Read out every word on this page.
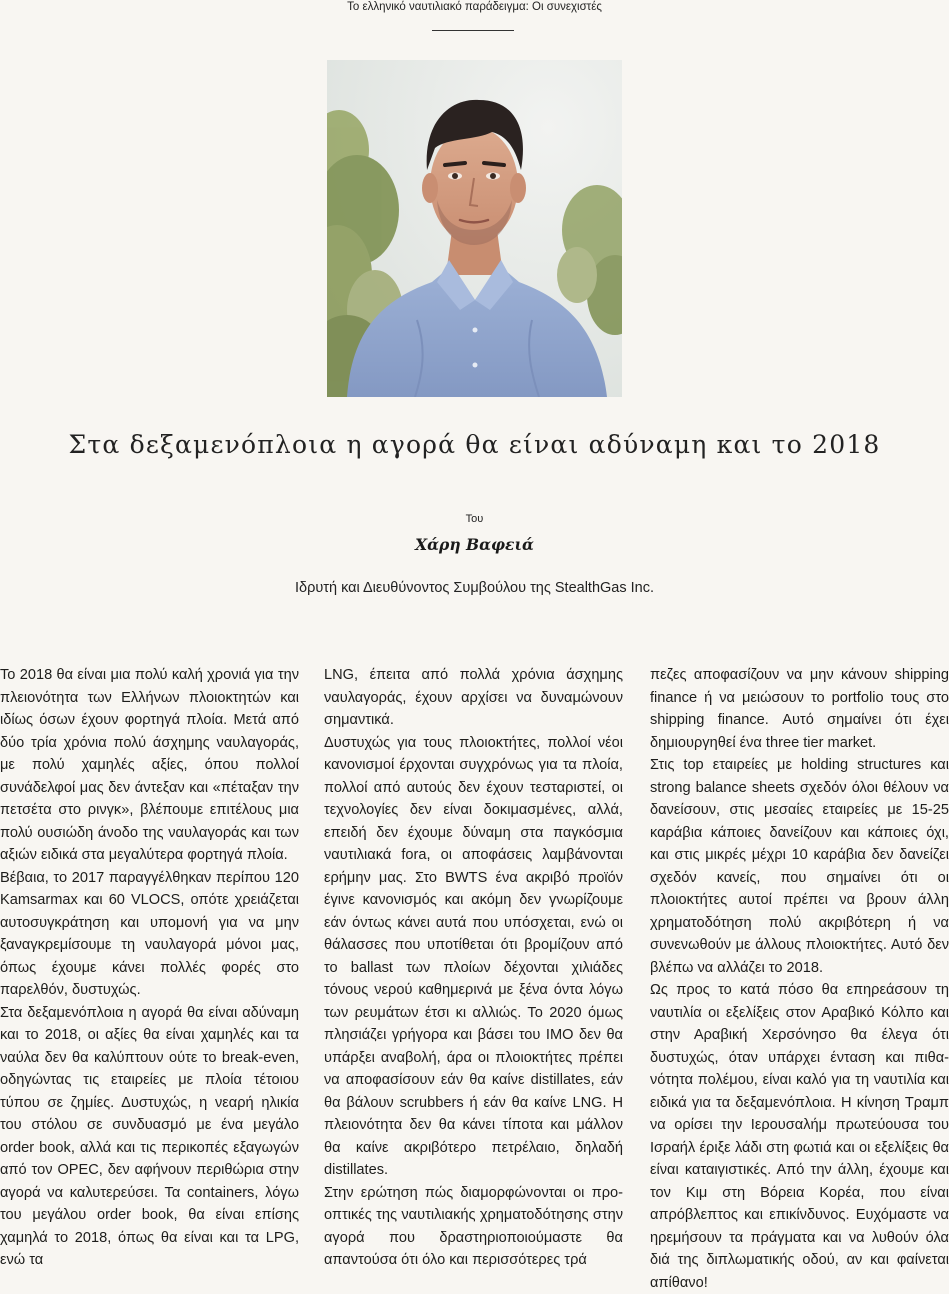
Το ελληνικό ναυτιλιακό παράδειγμα: Οι συνεχιστές
Στα δεξαμενόπλοια η αγορά θα είναι αδύναμη και το 2018
Του
Χάρη Βαφειά
Ιδρυτή και Διευθύνοντος Συμβούλου της StealthGas Inc.

Το 2018 θα είναι μια πολύ καλή χρονιά για την πλειονότητα των Ελλήνων πλοιοκτητών και ιδίως όσων έχουν φορτηγά πλοία. Μετά από δύο τρία χρόνια πολύ άσχημης ναυλαγοράς, με πολύ χαμηλές αξίες, όπου πολλοί συνάδελφοί μας δεν άντεξαν και «πέταξαν την πετσέτα στο ρινγκ», βλέπουμε επιτέλους μια πολύ ουσιώδη άνοδο της ναυλαγοράς και των αξιών ειδικά στα μεγαλύτερα φορτηγά πλοία.

Βέβαια, το 2017 παραγγέλθηκαν περίπου 120 Kamsarmax και 60 VLOCS, οπότε χρειάζεται αυτοσυγκράτηση και υπομονή για να μην ξαναγκρεμίσουμε τη ναυλαγορά μόνοι μας, όπως έχουμε κάνει πολλές φορές στο παρελθόν, δυστυχώς.

Στα δεξαμενόπλοια η αγορά θα είναι αδύναμη και το 2018, οι αξίες θα είναι χαμηλές και τα ναύλα δεν θα καλύπτουν ούτε το break-even, οδηγώντας τις εταιρείες με πλοία τέτοιου τύπου σε ζημίες. Δυστυχώς, η νεαρή ηλικία του στόλου σε συνδυασμό με ένα μεγάλο order book, αλλά και τις περικοπές εξαγωγών από τον OPEC, δεν αφήνουν περιθώρια στην αγορά να καλυτερεύσει. Τα containers, λόγω του μεγάλου order book, θα είναι επίσης χαμηλά το 2018, όπως θα είναι και τα LPG, ενώ τα

LNG, έπειτα από πολλά χρόνια άσχημης ναυλαγοράς, έχουν αρχίσει να δυναμώνουν σημαντικά.

Δυστυχώς για τους πλοιοκτήτες, πολλοί νέοι κανονισμοί έρχονται συγχρόνως για τα πλοία, πολλοί από αυτούς δεν έχουν τεσταριστεί, οι τεχνολογίες δεν είναι δοκιμασμένες, αλλά, επειδή δεν έχουμε δύναμη στα παγκόσμια ναυτιλιακά fora, οι αποφάσεις λαμβάνονται ερήμην μας. Στο BWTS ένα ακριβό προϊόν έγινε κανονισμός και ακόμη δεν γνωρίζουμε εάν όντως κάνει αυτά που υπόσχεται, ενώ οι θάλασσες που υποτίθεται ότι βρομίζουν από το ballast των πλοίων δέχονται χιλιάδες τόνους νερού καθημερινά με ξένα όντα λόγω των ρευμάτων έτσι κι αλλιώς. Το 2020 όμως πλησιάζει γρήγορα και βάσει του IMO δεν θα υπάρξει αναβολή, άρα οι πλοιοκτήτες πρέπει να αποφασίσουν εάν θα καίνε distillates, εάν θα βάλουν scrubbers ή εάν θα καίνε LNG. Η πλειονότητα δεν θα κάνει τίποτα και μάλλον θα καίνε ακριβότερο πετρέλαιο, δηλαδή distillates.

Στην ερώτηση πώς διαμορφώνονται οι προοπτικές της ναυτιλιακής χρηματοδότησης στην αγορά που δραστηριοποιούμαστε θα απαντούσα ότι όλο και περισσότερες τρά

πεζες αποφασίζουν να μην κάνουν shipping finance ή να μειώσουν το portfolio τους στο shipping finance. Αυτό σημαίνει ότι έχει δημιουργηθεί ένα three tier market.

Στις top εταιρείες με holding structures και strong balance sheets σχεδόν όλοι θέλουν να δανείσουν, στις μεσαίες εταιρείες με 15-25 καράβια κάποιες δανείζουν και κάποιες όχι, και στις μικρές μέχρι 10 καράβια δεν δανείζει σχεδόν κανείς, που σημαίνει ότι οι πλοιοκτήτες αυτοί πρέπει να βρουν άλλη χρηματοδότηση πολύ ακριβότερη ή να συνενωθούν με άλλους πλοιοκτήτες. Αυτό δεν βλέπω να αλλάζει το 2018.

Ως προς το κατά πόσο θα επηρεάσουν τη ναυτιλία οι εξελίξεις στον Αραβικό Κόλπο και στην Αραβική Χερσόνησο θα έλεγα ότι δυστυχώς, όταν υπάρχει ένταση και πιθανότητα πολέμου, είναι καλό για τη ναυτιλία και ειδικά για τα δεξαμενόπλοια. Η κίνηση Τραμπ να ορίσει την Ιερουσαλήμ πρωτεύουσα του Ισραήλ έριξε λάδι στη φωτιά και οι εξελίξεις θα είναι καταιγιστικές. Από την άλλη, έχουμε και τον Κιμ στη Βόρεια Κορέα, που είναι απρόβλεπτος και επικίνδυνος. Ευχόμαστε να ηρεμήσουν τα πράγματα και να λυθούν όλα διά της διπλωματικής οδού, αν και φαίνεται απίθανο!
